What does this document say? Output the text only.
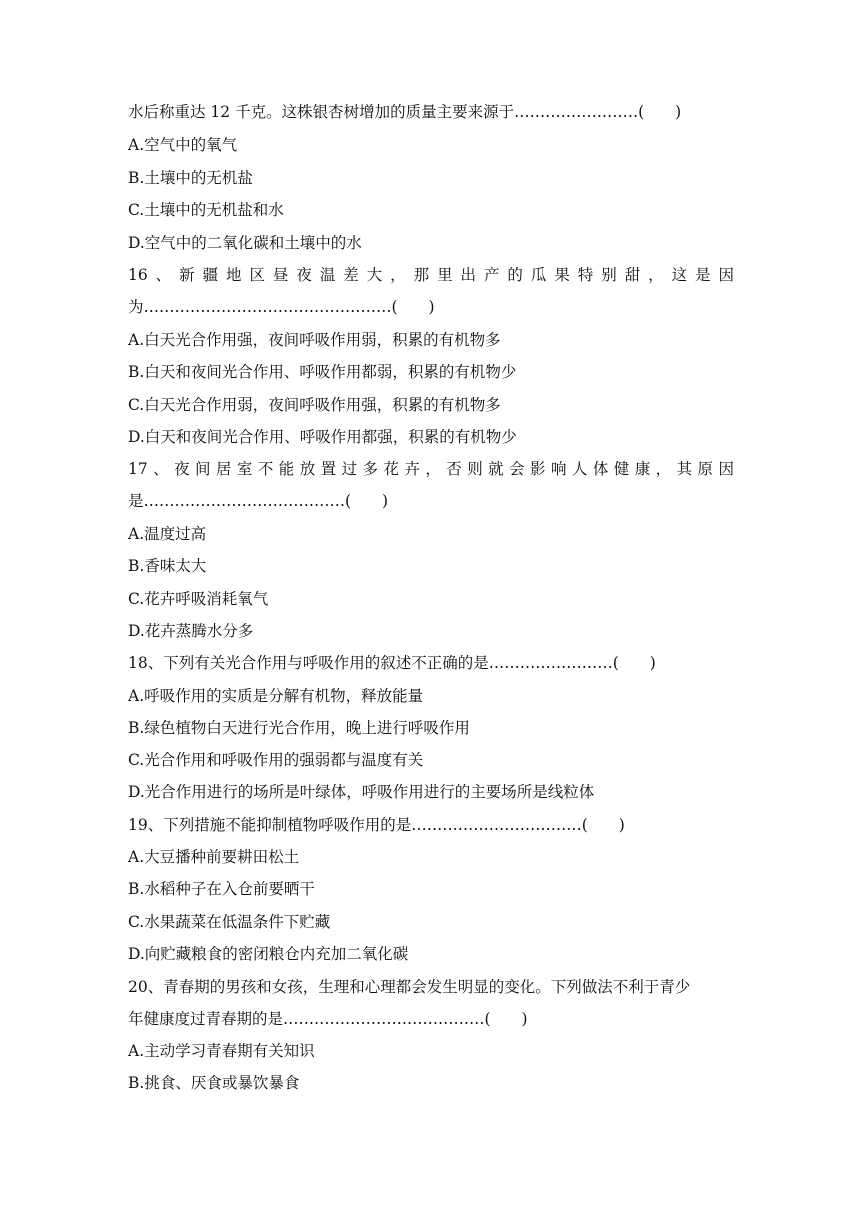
水后称重达 12 千克。这株银杏树增加的质量主要来源于……………………(　　)
A.空气中的氧气
B.土壤中的无机盐
C.土壤中的无机盐和水
D.空气中的二氧化碳和土壤中的水
16、新疆地区昼夜温差大，那里出产的瓜果特别甜，这是因
为…………………………………………(　　)
A.白天光合作用强，夜间呼吸作用弱，积累的有机物多
B.白天和夜间光合作用、呼吸作用都弱，积累的有机物少
C.白天光合作用弱，夜间呼吸作用强，积累的有机物多
D.白天和夜间光合作用、呼吸作用都强，积累的有机物少
17、夜间居室不能放置过多花卉，否则就会影响人体健康，其原因
是…………………………………(　　)
A.温度过高
B.香味太大
C.花卉呼吸消耗氧气
D.花卉蒸腾水分多
18、下列有关光合作用与呼吸作用的叙述不正确的是……………………(　　)
A.呼吸作用的实质是分解有机物，释放能量
B.绿色植物白天进行光合作用，晚上进行呼吸作用
C.光合作用和呼吸作用的强弱都与温度有关
D.光合作用进行的场所是叶绿体，呼吸作用进行的主要场所是线粒体
19、下列措施不能抑制植物呼吸作用的是……………………………(　　)
A.大豆播种前要耕田松土
B.水稻种子在入仓前要晒干
C.水果蔬菜在低温条件下贮藏
D.向贮藏粮食的密闭粮仓内充加二氧化碳
20、青春期的男孩和女孩，生理和心理都会发生明显的变化。下列做法不利于青少
年健康度过青春期的是…………………………………(　　)
A.主动学习青春期有关知识
B.挑食、厌食或暴饮暴食
